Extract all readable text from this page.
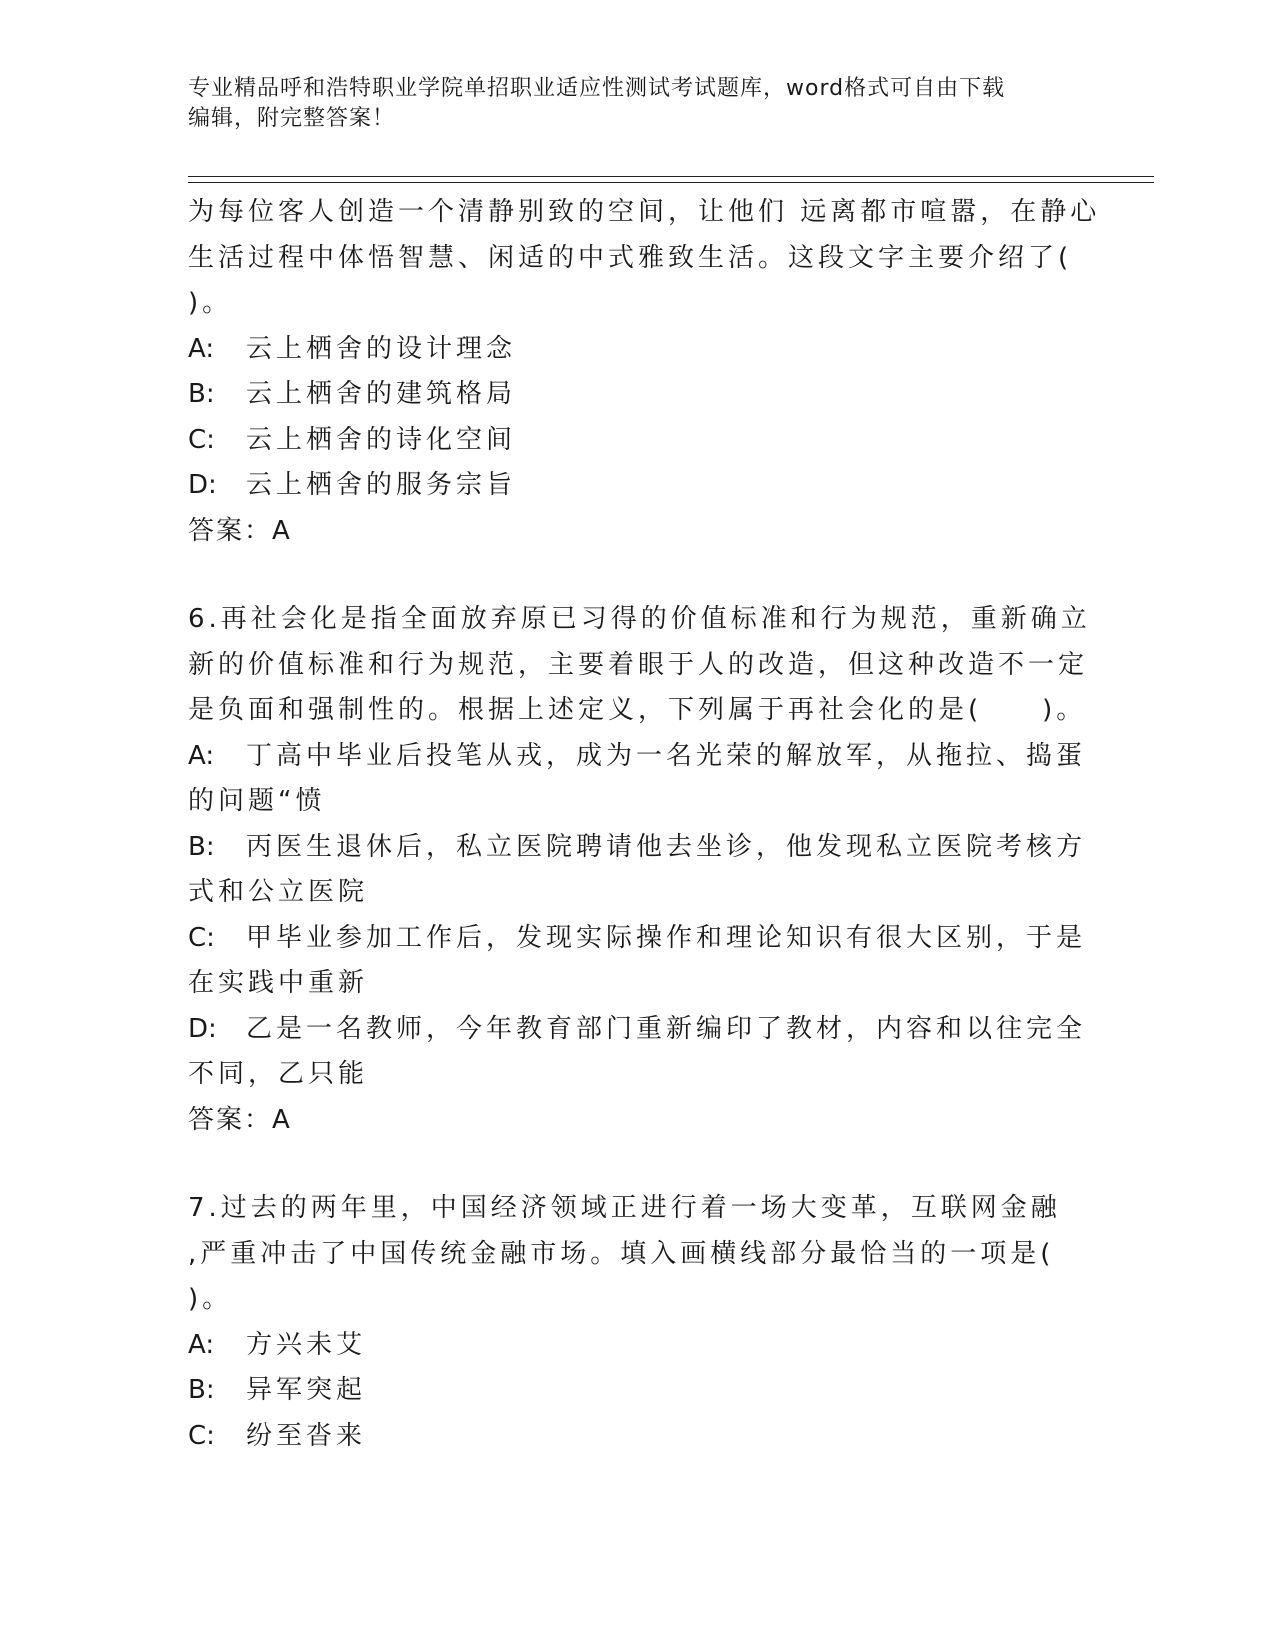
专业精品呼和浩特职业学院单招职业适应性测试考试题库，word格式可自由下载
编辑，附完整答案！
为每位客人创造一个清静别致的空间，让他们 远离都市喧嚣，在静心
生活过程中体悟智慧、闲适的中式雅致生活。这段文字主要介绍了(
)。
A: 云上栖舍的设计理念
B: 云上栖舍的建筑格局
C: 云上栖舍的诗化空间
D: 云上栖舍的服务宗旨
答案：A
6.再社会化是指全面放弃原已习得的价值标准和行为规范，重新确立
新的价值标准和行为规范，主要着眼于人的改造，但这种改造不一定
是负面和强制性的。根据上述定义，下列属于再社会化的是(　　)。
A: 丁高中毕业后投笔从戎，成为一名光荣的解放军，从拖拉、捣蛋
的问题“愤
B: 丙医生退休后，私立医院聘请他去坐诊，他发现私立医院考核方
式和公立医院
C: 甲毕业参加工作后，发现实际操作和理论知识有很大区别，于是
在实践中重新
D: 乙是一名教师，今年教育部门重新编印了教材，内容和以往完全
不同，乙只能
答案：A
7.过去的两年里，中国经济领域正进行着一场大变革，互联网金融
,严重冲击了中国传统金融市场。填入画横线部分最恰当的一项是(
)。
A: 方兴未艾
B: 异军突起
C: 纷至沓来
